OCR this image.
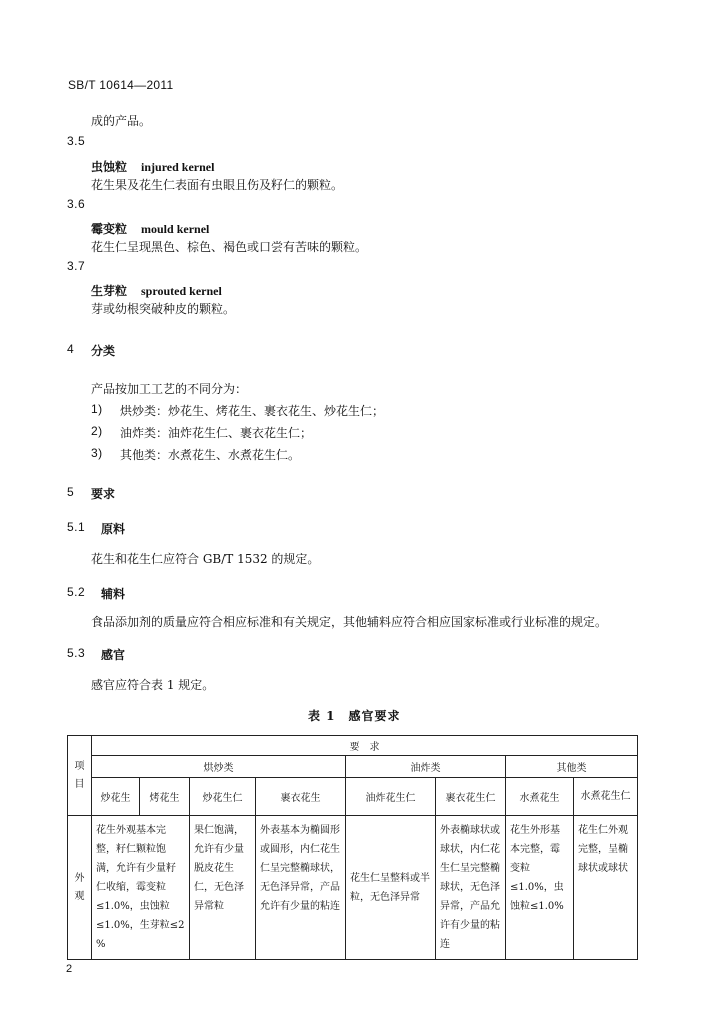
SB/T 10614—2011
成的产品。
3.5
虫蚀粒 injured kernel
花生果及花生仁表面有虫眼且伤及籽仁的颗粒。
3.6
霉变粒 mould kernel
花生仁呈现黑色、棕色、褐色或口尝有苦味的颗粒。
3.7
生芽粒 sprouted kernel
芽或幼根突破种皮的颗粒。
4 分类
产品按加工工艺的不同分为：
1) 烘炒类：炒花生、烤花生、裹衣花生、炒花生仁；
2) 油炸类：油炸花生仁、裹衣花生仁；
3) 其他类：水煮花生、水煮花生仁。
5 要求
5.1 原料
花生和花生仁应符合 GB/T 1532 的规定。
5.2 辅料
食品添加剂的质量应符合相应标准和有关规定，其他辅料应符合相应国家标准或行业标准的规定。
5.3 感官
感官应符合表 1 规定。
表 1　感官要求
项目	要　求							
	烘炒类				油炸类		其他类	
	炒花生	烤花生	炒花生仁	裹衣花生	油炸花生仁	裹衣花生仁	水煮花生	水煮花生仁
外观	花生外观基本完整，籽仁颗粒饱满，允许有少量籽仁收缩，霉变粒≤1.0%，虫蚀粒≤1.0%，生芽粒≤2 %		果仁饱满，允许有少量脱皮花生仁，无色泽异常粒	外表基本为椭圆形或圆形，内仁花生仁呈完整椭球状，无色泽异常，产品允许有少量的粘连	花生仁呈整料或半粒，无色泽异常	外表椭球状或球状，内仁花生仁呈完整椭球状，无色泽异常，产品允许有少量的粘连	花生外形基本完整，霉变粒≤1.0%，虫蚀粒≤1.0%	花生仁外观完整，呈椭球状或球状
2
